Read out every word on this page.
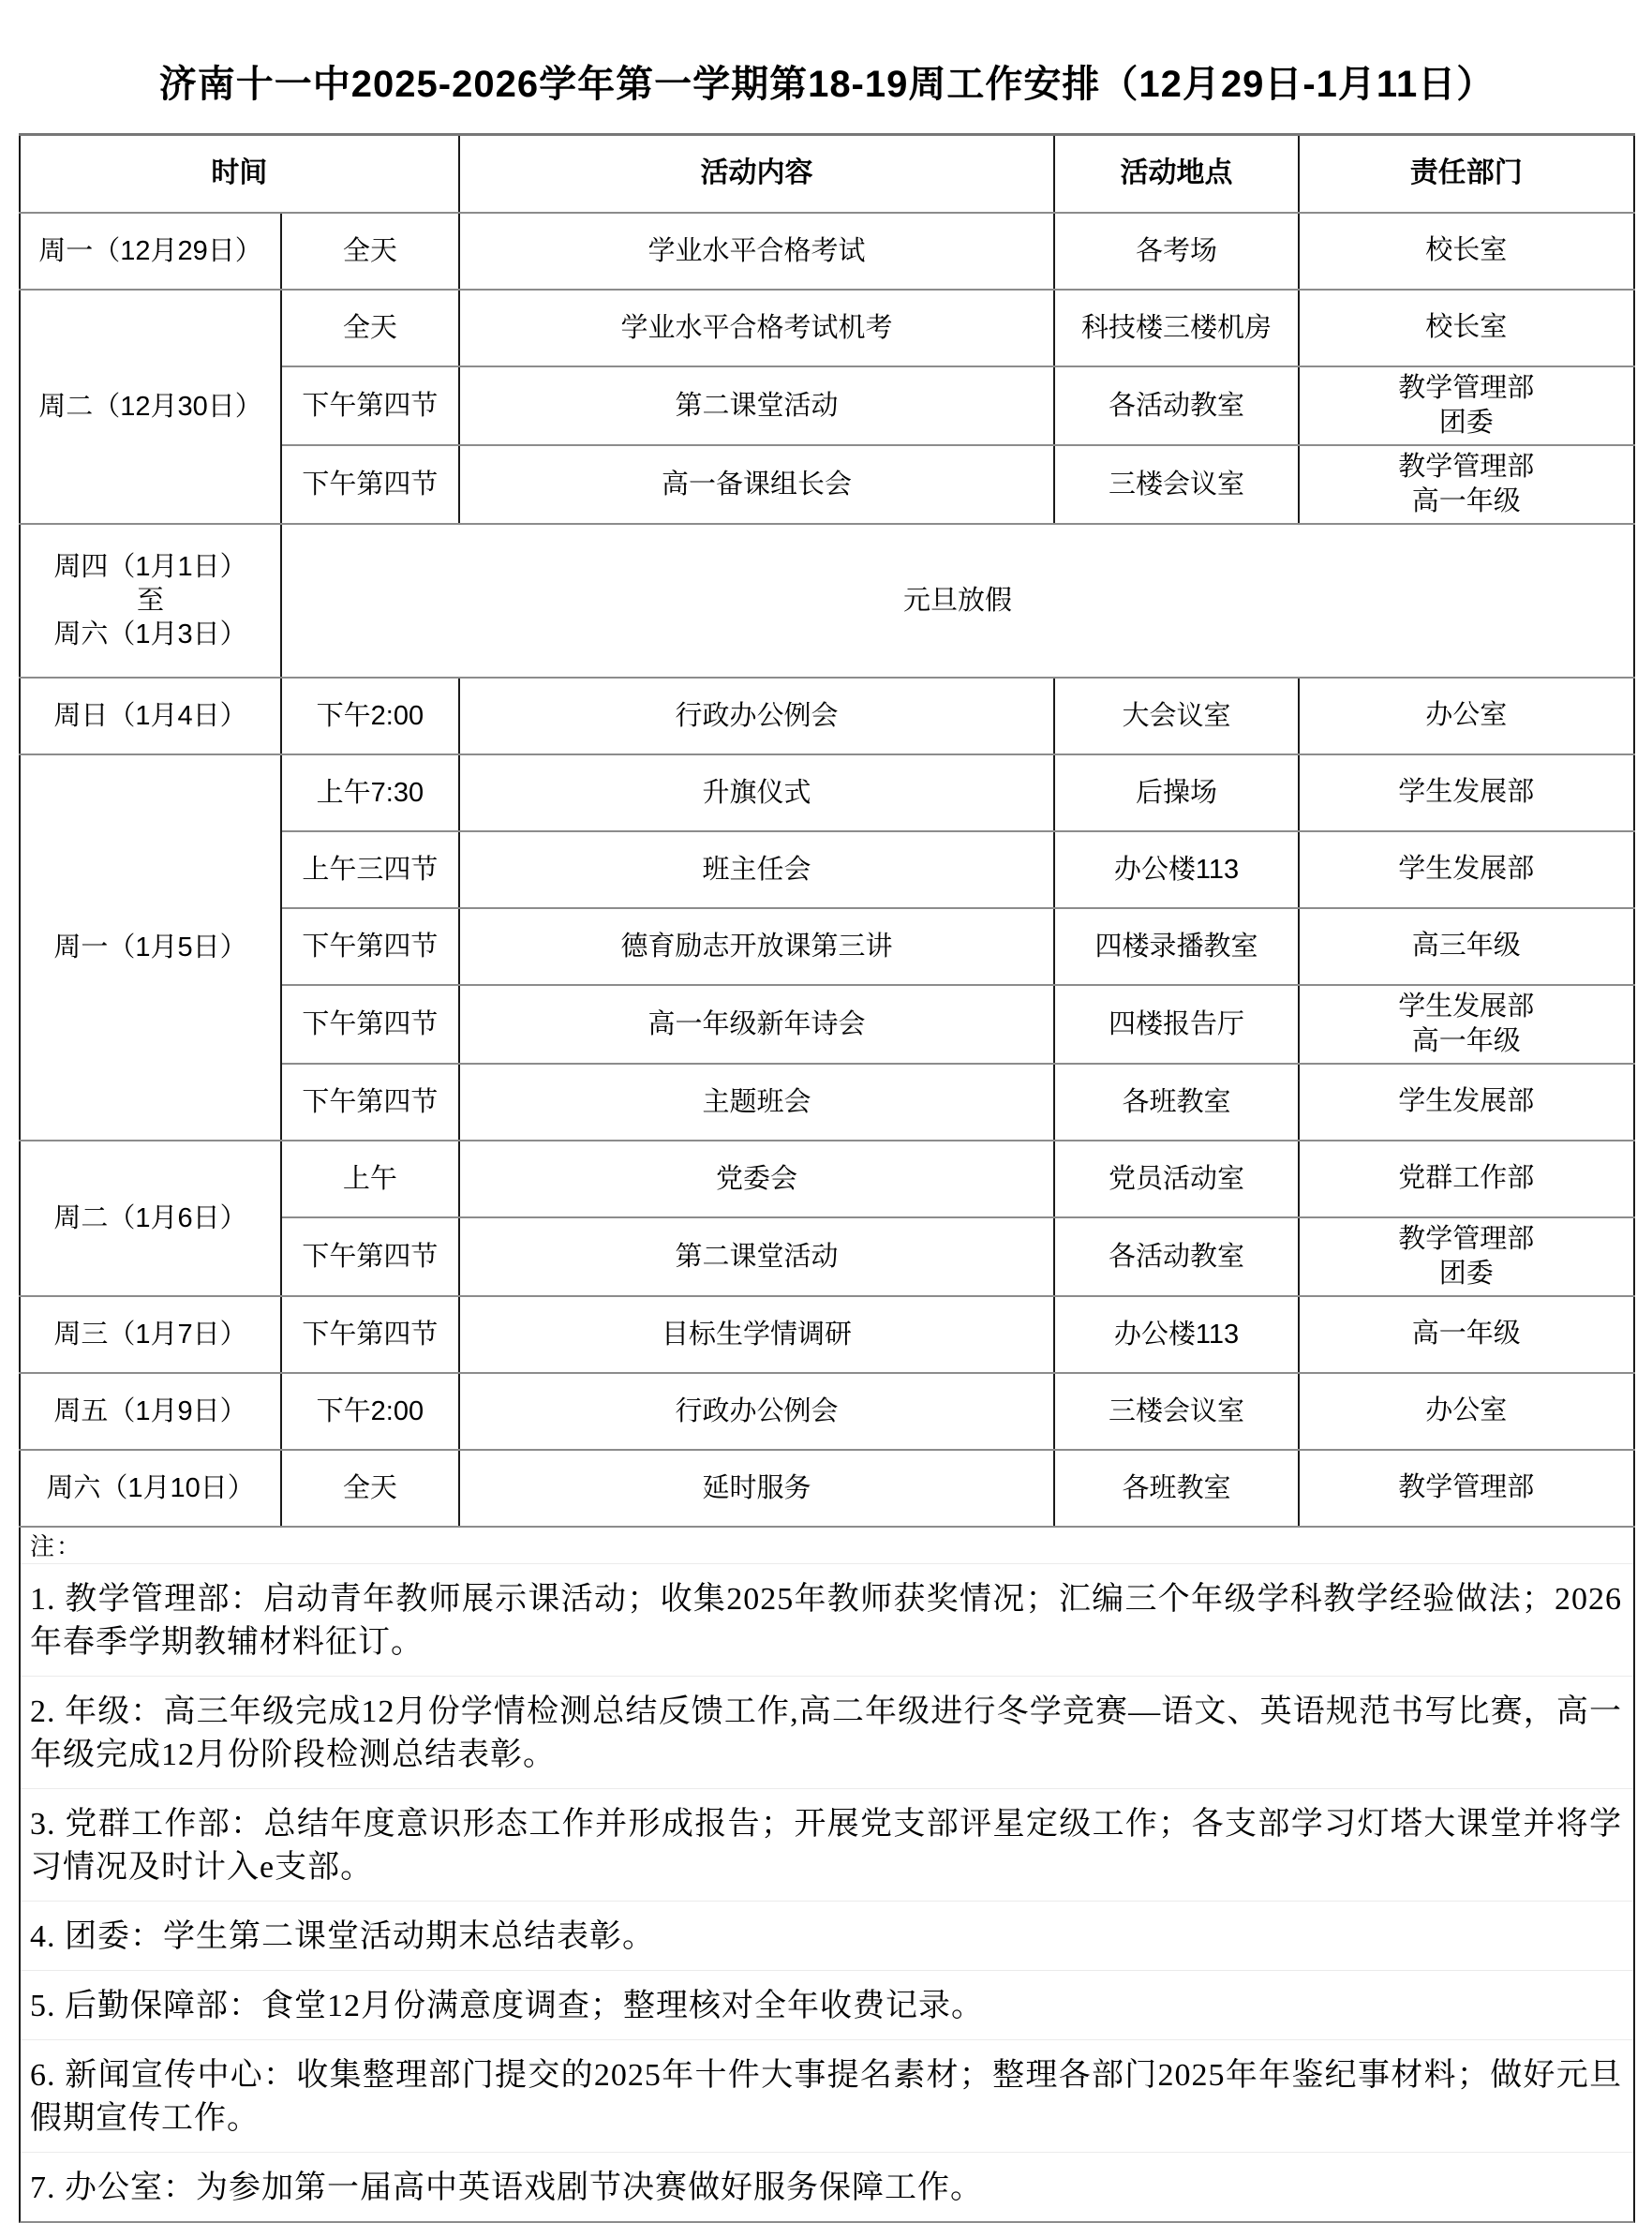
济南十一中2025-2026学年第一学期第18-19周工作安排（12月29日-1月11日）
时间		活动内容	活动地点	责任部门
周一（12月29日）	全天	学业水平合格考试	各考场	校长室

周二（12月30日）	全天	学业水平合格考试机考	科技楼三楼机房	校长室

	下午第四节	第二课堂活动	各活动教室	教学管理部
团委

	下午第四节	高一备课组长会	三楼会议室	教学管理部
高一年级

周四（1月1日）
至
周六（1月3日）	元旦放假			
周日（1月4日）	下午2:00	行政办公例会	大会议室	办公室

周一（1月5日）	上午7:30	升旗仪式	后操场	学生发展部

	上午三四节	班主任会	办公楼113	学生发展部

	下午第四节	德育励志开放课第三讲	四楼录播教室	高三年级

	下午第四节	高一年级新年诗会	四楼报告厅	学生发展部
高一年级

	下午第四节	主题班会	各班教室	学生发展部

周二（1月6日）	上午	党委会	党员活动室	党群工作部

	下午第四节	第二课堂活动	各活动教室	教学管理部
团委

周三（1月7日）	下午第四节	目标生学情调研	办公楼113	高一年级

周五（1月9日）	下午2:00	行政办公例会	三楼会议室	办公室

周六（1月10日）	全天	延时服务	各班教室	教学管理部
注：
1. 教学管理部：启动青年教师展示课活动；收集2025年教师获奖情况；汇编三个年级学科教学经验做法；2026年春季学期教辅材料征订。
2. 年级：高三年级完成12月份学情检测总结反馈工作,高二年级进行冬学竞赛—语文、英语规范书写比赛，高一年级完成12月份阶段检测总结表彰。
3. 党群工作部：总结年度意识形态工作并形成报告；开展党支部评星定级工作；各支部学习灯塔大课堂并将学习情况及时计入e支部。
4. 团委：学生第二课堂活动期末总结表彰。
5. 后勤保障部：食堂12月份满意度调查；整理核对全年收费记录。
6. 新闻宣传中心：收集整理部门提交的2025年十件大事提名素材；整理各部门2025年年鉴纪事材料；做好元旦假期宣传工作。
7. 办公室：为参加第一届高中英语戏剧节决赛做好服务保障工作。
